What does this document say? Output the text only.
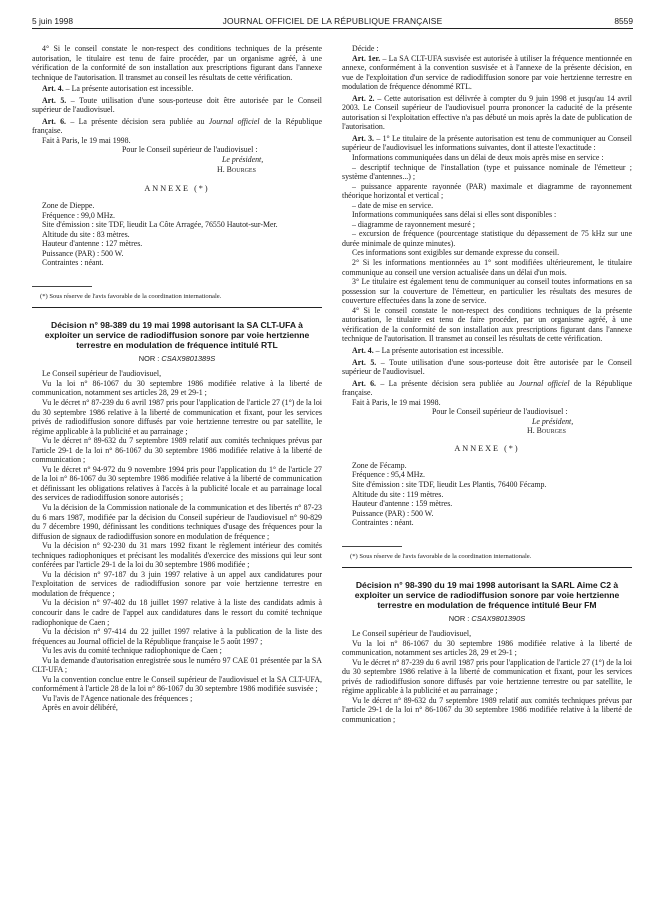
5 juin 1998	JOURNAL OFFICIEL DE LA RÉPUBLIQUE FRANÇAISE	8559

4° Si le conseil constate le non-respect des conditions techniques de la présente autorisation, le titulaire est tenu de faire procéder, par un organisme agréé, à une vérification de la conformité de son installation aux prescriptions figurant dans l'annexe technique de l'autorisation. Il transmet au conseil les résultats de cette vérification.

Art. 4. – La présente autorisation est incessible.

Art. 5. – Toute utilisation d'une sous-porteuse doit être autorisée par le Conseil supérieur de l'audiovisuel.

Art. 6. – La présente décision sera publiée au Journal officiel de la République française.

Fait à Paris, le 19 mai 1998.

Pour le Conseil supérieur de l'audiovisuel :

Le président,

H. Bourges

ANNEXE (*)

Zone de Dieppe.

Fréquence : 99,0 MHz.

Site d'émission : site TDF, lieudit La Côte Arragée, 76550 Hautot-sur-Mer.

Altitude du site : 83 mètres.

Hauteur d'antenne : 127 mètres.

Puissance (PAR) : 500 W.

Contraintes : néant.

(*) Sous réserve de l'avis favorable de la coordination internationale.

Décision n° 98-389 du 19 mai 1998 autorisant la SA CLT-UFA à exploiter un service de radiodiffusion sonore par voie hertzienne terrestre en modulation de fréquence intitulé RTL
NOR : CSAX9801389S

Le Conseil supérieur de l'audiovisuel,

Vu la loi n° 86-1067 du 30 septembre 1986 modifiée relative à la liberté de communication, notamment ses articles 28, 29 et 29-1 ;

Vu le décret n° 87-239 du 6 avril 1987 pris pour l'application de l'article 27 (1°) de la loi du 30 septembre 1986 relative à la liberté de communication et fixant, pour les services privés de radiodiffusion sonore diffusés par voie hertzienne terrestre ou par satellite, le régime applicable à la publicité et au parrainage ;

Vu le décret n° 89-632 du 7 septembre 1989 relatif aux comités techniques prévus par l'article 29-1 de la loi n° 86-1067 du 30 septembre 1986 modifiée relative à la liberté de communication ;

Vu le décret n° 94-972 du 9 novembre 1994 pris pour l'application du 1° de l'article 27 de la loi n° 86-1067 du 30 septembre 1986 modifiée relative à la liberté de communication et définissant les obligations relatives à l'accès à la publicité locale et au parrainage local des services de radiodiffusion sonore autorisés ;

Vu la décision de la Commission nationale de la communication et des libertés n° 87-23 du 6 mars 1987, modifiée par la décision du Conseil supérieur de l'audiovisuel n° 90-829 du 7 décembre 1990, définissant les conditions techniques d'usage des fréquences pour la diffusion de signaux de radiodiffusion sonore en modulation de fréquence ;

Vu la décision n° 92-230 du 31 mars 1992 fixant le règlement intérieur des comités techniques radiophoniques et précisant les modalités d'exercice des missions qui leur sont conférées par l'article 29-1 de la loi du 30 septembre 1986 modifiée ;

Vu la décision n° 97-187 du 3 juin 1997 relative à un appel aux candidatures pour l'exploitation de services de radiodiffusion sonore par voie hertzienne terrestre en modulation de fréquence ;

Vu la décision n° 97-402 du 18 juillet 1997 relative à la liste des candidats admis à concourir dans le cadre de l'appel aux candidatures dans le ressort du comité technique radiophonique de Caen ;

Vu la décision n° 97-414 du 22 juillet 1997 relative à la publication de la liste des fréquences au Journal officiel de la République française le 5 août 1997 ;

Vu les avis du comité technique radiophonique de Caen ;

Vu la demande d'autorisation enregistrée sous le numéro 97 CAE 01 présentée par la SA CLT-UFA ;

Vu la convention conclue entre le Conseil supérieur de l'audiovisuel et la SA CLT-UFA, conformément à l'article 28 de la loi n° 86-1067 du 30 septembre 1986 modifiée susvisée ;

Vu l'avis de l'Agence nationale des fréquences ;

Après en avoir délibéré,

Décide :

Art. 1er. – La SA CLT-UFA susvisée est autorisée à utiliser la fréquence mentionnée en annexe, conformément à la convention susvisée et à l'annexe de la présente décision, en vue de l'exploitation d'un service de radiodiffusion sonore par voie hertzienne terrestre en modulation de fréquence dénommé RTL.

Art. 2. – Cette autorisation est délivrée à compter du 9 juin 1998 et jusqu'au 14 avril 2003. Le Conseil supérieur de l'audiovisuel pourra prononcer la caducité de la présente autorisation si l'exploitation effective n'a pas débuté un mois après la date de publication de l'autorisation.

Art. 3. – 1° Le titulaire de la présente autorisation est tenu de communiquer au Conseil supérieur de l'audiovisuel les informations suivantes, dont il atteste l'exactitude :

Informations communiquées dans un délai de deux mois après mise en service :

– descriptif technique de l'installation (type et puissance nominale de l'émetteur ; système d'antennes...) ;

– puissance apparente rayonnée (PAR) maximale et diagramme de rayonnement théorique horizontal et vertical ;

– date de mise en service.

Informations communiquées sans délai si elles sont disponibles :

– diagramme de rayonnement mesuré ;

– excursion de fréquence (pourcentage statistique du dépassement de 75 kHz sur une durée minimale de quinze minutes).

Ces informations sont exigibles sur demande expresse du conseil.

2° Si les informations mentionnées au 1° sont modifiées ultérieurement, le titulaire communique au conseil une version actualisée dans un délai d'un mois.

3° Le titulaire est également tenu de communiquer au conseil toutes informations en sa possession sur la couverture de l'émetteur, en particulier les résultats des mesures de couverture effectuées dans la zone de service.

4° Si le conseil constate le non-respect des conditions techniques de la présente autorisation, le titulaire est tenu de faire procéder, par un organisme agréé, à une vérification de la conformité de son installation aux prescriptions figurant dans l'annexe technique de l'autorisation. Il transmet au conseil les résultats de cette vérification.

Art. 4. – La présente autorisation est incessible.

Art. 5. – Toute utilisation d'une sous-porteuse doit être autorisée par le Conseil supérieur de l'audiovisuel.

Art. 6. – La présente décision sera publiée au Journal officiel de la République française.

Fait à Paris, le 19 mai 1998.

Pour le Conseil supérieur de l'audiovisuel :

Le président,

H. Bourges

ANNEXE (*)

Zone de Fécamp.

Fréquence : 95,4 MHz.

Site d'émission : site TDF, lieudit Les Plantis, 76400 Fécamp.

Altitude du site : 119 mètres.

Hauteur d'antenne : 159 mètres.

Puissance (PAR) : 500 W.

Contraintes : néant.

(*) Sous réserve de l'avis favorable de la coordination internationale.

Décision n° 98-390 du 19 mai 1998 autorisant la SARL Aime C2 à exploiter un service de radiodiffusion sonore par voie hertzienne terrestre en modulation de fréquence intitulé Beur FM
NOR : CSAX9801390S

Le Conseil supérieur de l'audiovisuel,

Vu la loi n° 86-1067 du 30 septembre 1986 modifiée relative à la liberté de communication, notamment ses articles 28, 29 et 29-1 ;

Vu le décret n° 87-239 du 6 avril 1987 pris pour l'application de l'article 27 (1°) de la loi du 30 septembre 1986 relative à la liberté de communication et fixant, pour les services privés de radiodiffusion sonore diffusés par voie hertzienne terrestre ou par satellite, le régime applicable à la publicité et au parrainage ;

Vu le décret n° 89-632 du 7 septembre 1989 relatif aux comités techniques prévus par l'article 29-1 de la loi n° 86-1067 du 30 septembre 1986 modifiée relative à la liberté de communication ;
